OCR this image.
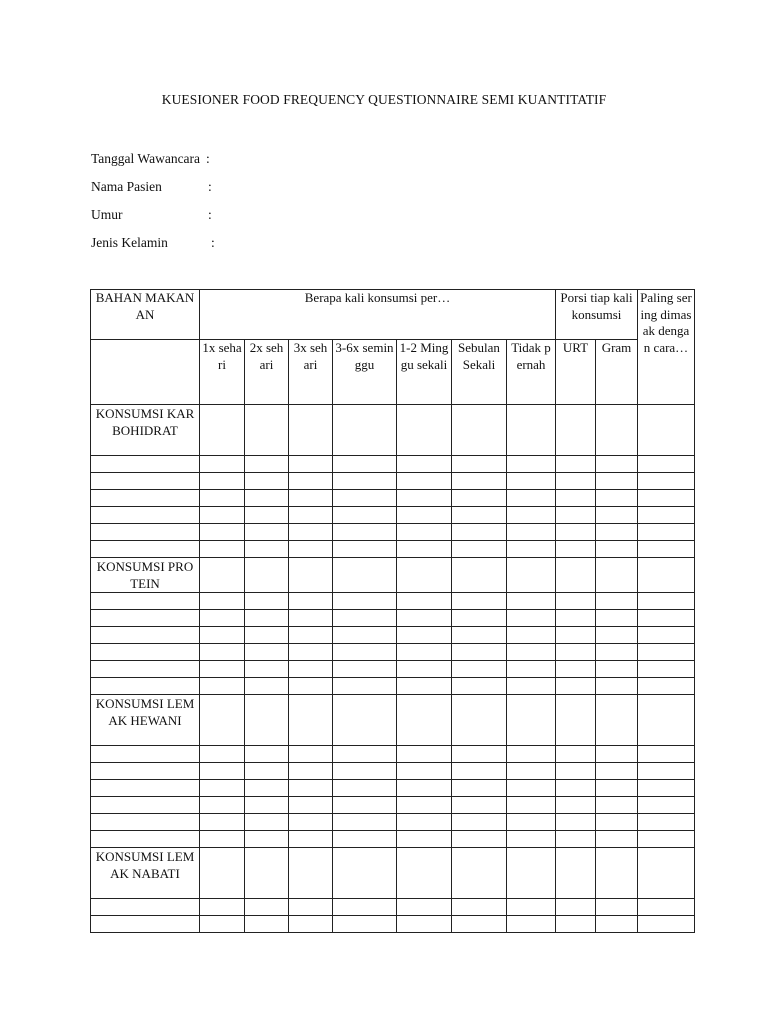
KUESIONER FOOD FREQUENCY QUESTIONNAIRE SEMI KUANTITATIF
Tanggal Wawancara :
Nama Pasien	:
Umur	:
Jenis Kelamin	:
BAHAN MAKANAN	Berapa kali konsumsi per…							Porsi tiap kali konsumsi		Paling sering dimasak dengan cara…
	1x sehari	2x sehari	3x sehari	3-6x seminggu	1-2 Minggu sekali	Sebulan Sekali	Tidak pernah	URT	Gram	
KONSUMSI KARBOHIDRAT										

KONSUMSI PROTEIN										

KONSUMSI LEMAK HEWANI										

KONSUMSI LEMAK NABATI										
